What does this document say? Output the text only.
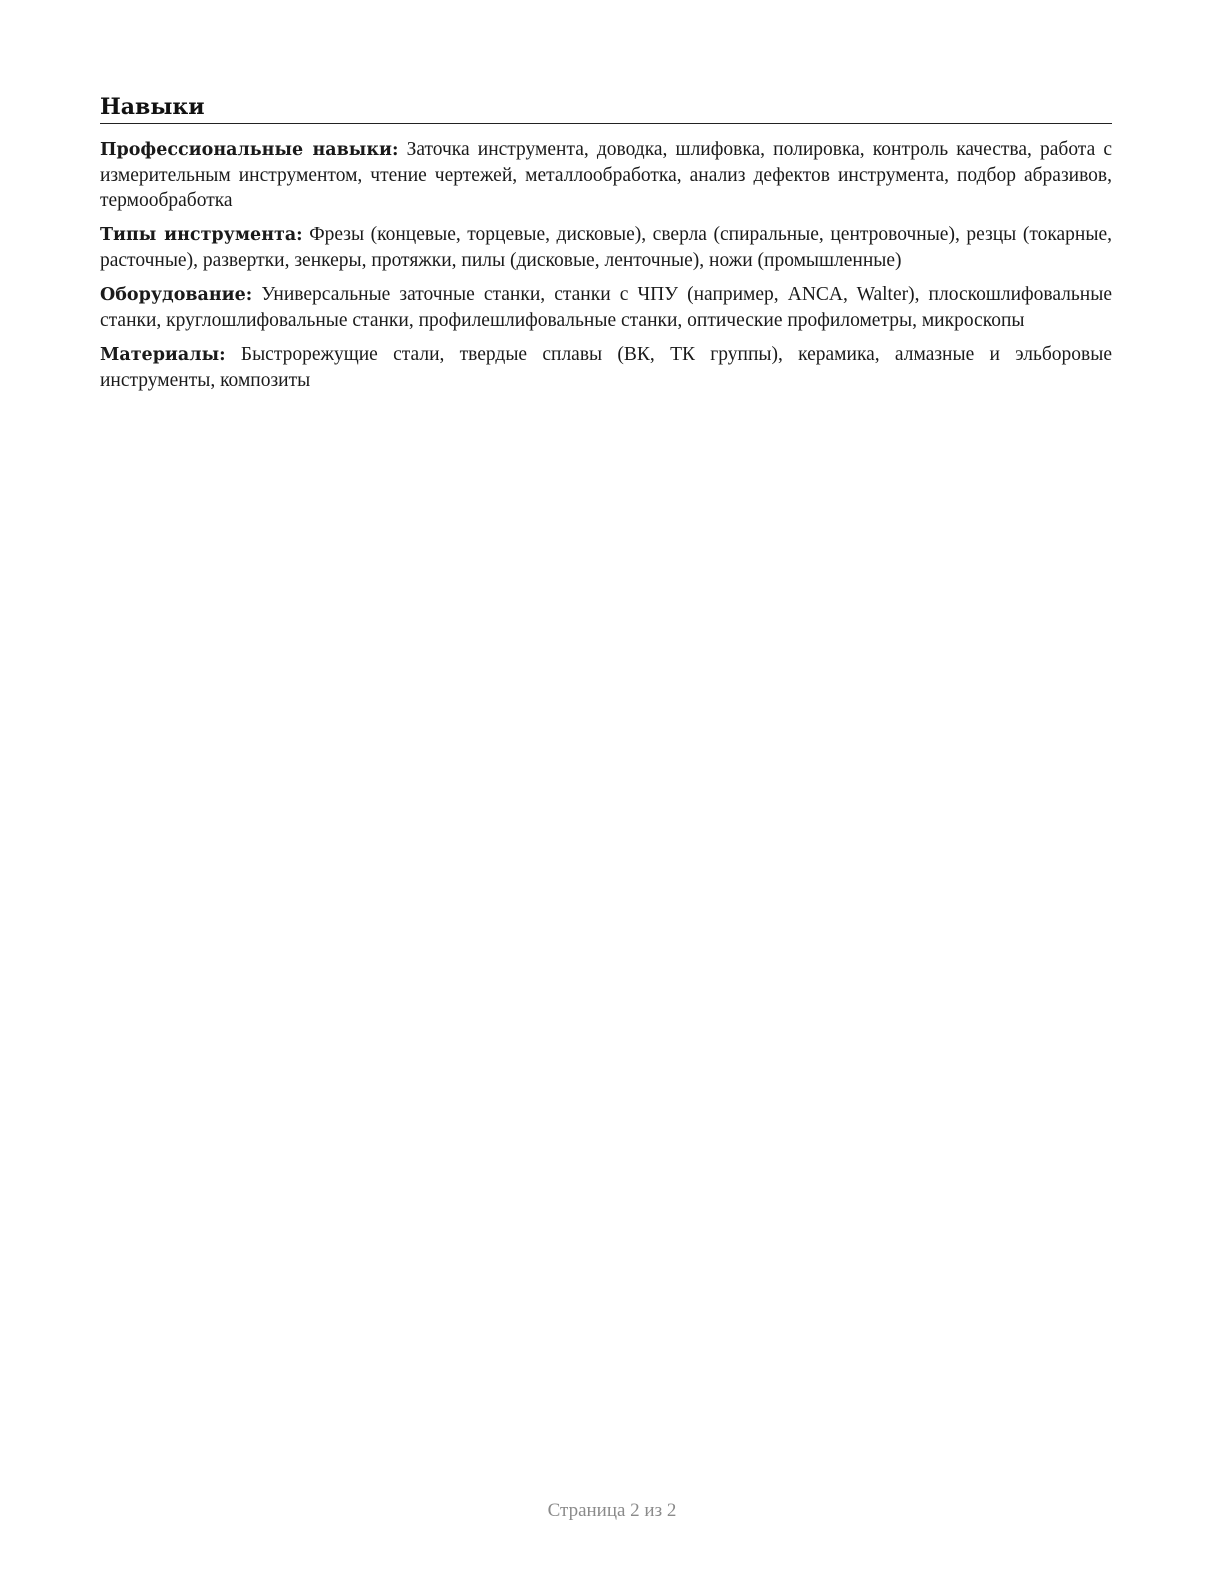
Навыки

Профессиональные навыки: Заточка инструмента, доводка, шлифовка, полировка, контроль качества, работа с измерительным инструментом, чтение чертежей, металлообработка, анализ дефектов инструмента, подбор абразивов, термообработка

Типы инструмента: Фрезы (концевые, торцевые, дисковые), сверла (спиральные, центровочные), резцы (токарные, расточные), развертки, зенкеры, протяжки, пилы (дисковые, ленточные), ножи (промышленные)

Оборудование: Универсальные заточные станки, станки с ЧПУ (например, ANCA, Walter), плоскошлифовальные станки, круглошлифовальные станки, профилешлифовальные станки, оптические профилометры, микроскопы

Материалы: Быстрорежущие стали, твердые сплавы (ВК, ТК группы), керамика, алмазные и эльборовые инструменты, композиты

Страница 2 из 2
